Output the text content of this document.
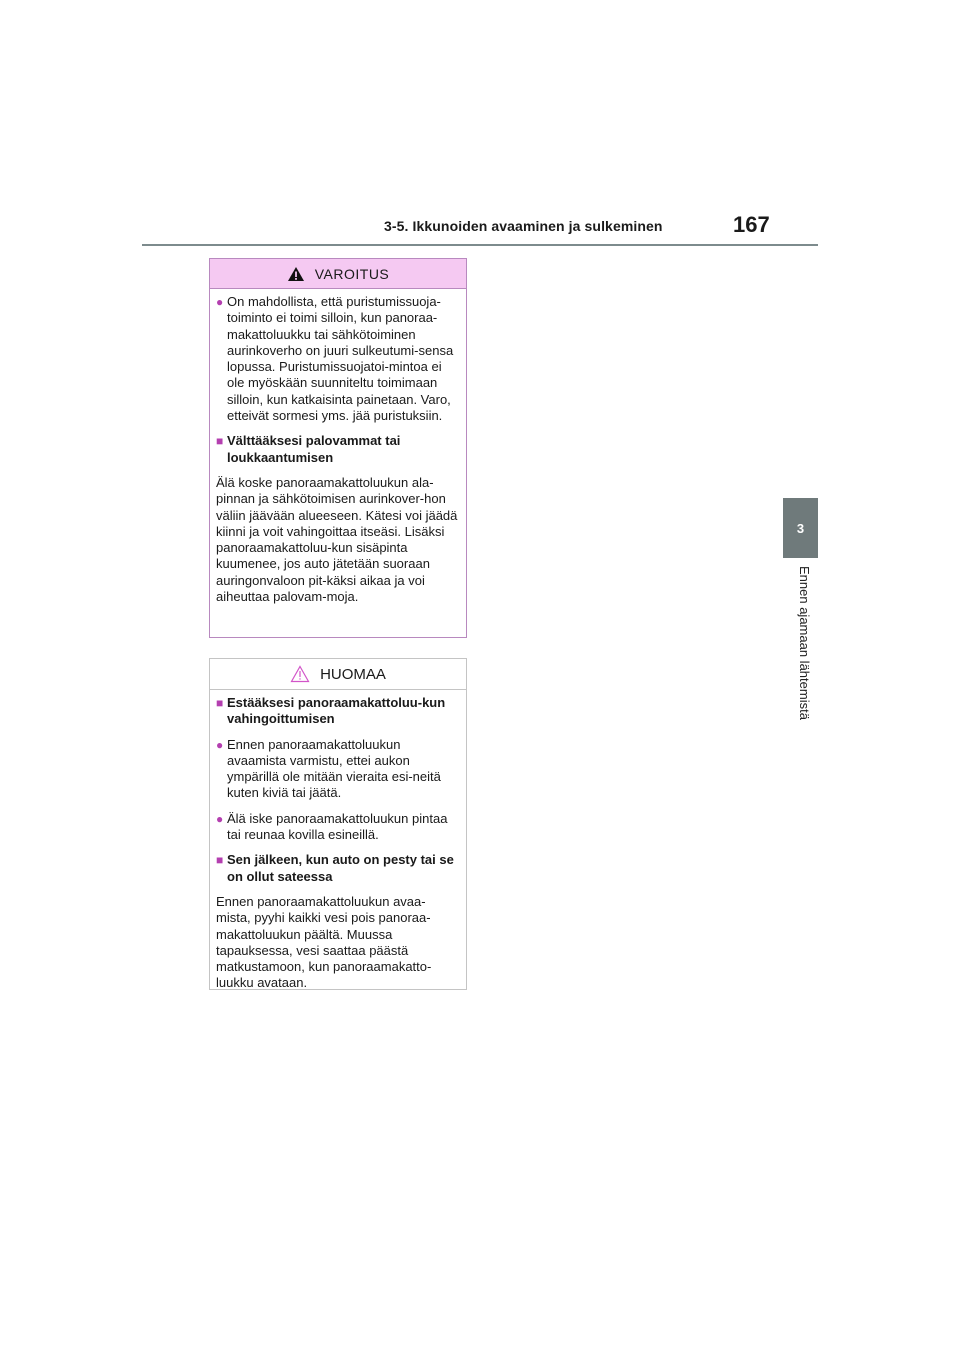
3-5. Ikkunoiden avaaminen ja sulkeminen	167
3
Ennen ajamaan lähtemistä
VAROITUS
● On mahdollista, että puristumissuoja-toiminto ei toimi silloin, kun panoraa-makattoluukku tai sähkötoiminen aurinkoverho on juuri sulkeutumi-sensa lopussa. Puristumissuojatoi-mintoa ei ole myöskään suunniteltu toimimaan silloin, kun katkaisinta painetaan. Varo, etteivät sormesi yms. jää puristuksiin.
■ Välttääksesi palovammat tai loukkaantumisen
Älä koske panoraamakattoluukun ala-pinnan ja sähkötoimisen aurinkover-hon väliin jäävään alueeseen. Kätesi voi jäädä kiinni ja voit vahingoittaa itseäsi. Lisäksi panoraamakattoluu-kun sisäpinta kuumenee, jos auto jätetään suoraan auringonvaloon pit-käksi aikaa ja voi aiheuttaa palovam-moja.
HUOMAA
■ Estääksesi panoraamakattoluu-kun vahingoittumisen
● Ennen panoraamakattoluukun avaamista varmistu, ettei aukon ympärillä ole mitään vieraita esi-neitä kuten kiviä tai jäätä.
● Älä iske panoraamakattoluukun pintaa tai reunaa kovilla esineillä.
■ Sen jälkeen, kun auto on pesty tai se on ollut sateessa
Ennen panoraamakattoluukun avaa-mista, pyyhi kaikki vesi pois panoraa-makattoluukun päältä. Muussa tapauksessa, vesi saattaa päästä matkustamoon, kun panoraamakatto-luukku avataan.
